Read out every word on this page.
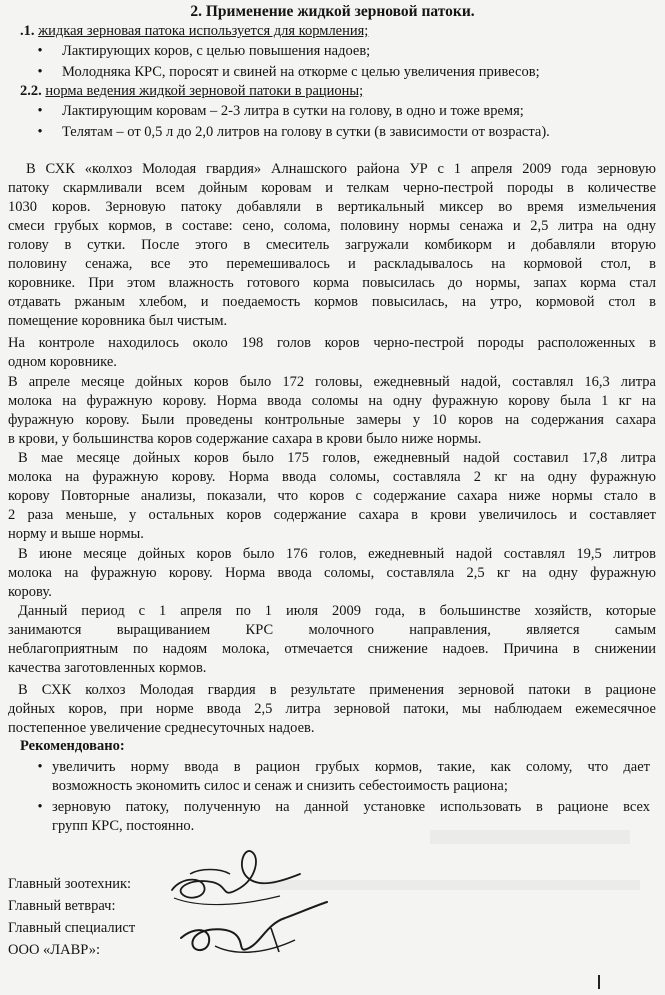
2. Применение жидкой зерновой патоки.
.1. жидкая зерновая патока используется для кормления;
•	Лактирующих коров, с целью повышения надоев;
•	Молодняка КРС, поросят и свиней на откорме с целью увеличения привесов;
2.2. норма ведения жидкой зерновой патоки в рационы;
•	Лактирующим коровам – 2-3 литра в сутки на голову, в одно и тоже время;
•	Телятам – от 0,5 л до 2,0 литров на голову в сутки (в зависимости от возраста).
В СХК «колхоз Молодая гвардия» Алнашского района УР с 1 апреля 2009 года зерновую
патоку скармливали всем дойным коровам и телкам черно-пестрой породы в количестве
1030 коров. Зерновую патоку добавляли в вертикальный миксер во время измельчения
смеси грубых кормов, в составе: сено, солома, половину нормы сенажа и 2,5 литра на одну
голову в сутки. После этого в смеситель загружали комбикорм и добавляли вторую
половину сенажа, все это перемешивалось и раскладывалось на кормовой стол, в
коровнике. При этом влажность готового корма повысилась до нормы, запах корма стал
отдавать ржаным хлебом, и поедаемость кормов повысилась, на утро, кормовой стол в
помещение коровника был чистым.
На контроле находилось около 198 голов коров черно-пестрой породы расположенных в
одном коровнике.
В апреле месяце дойных коров было 172 головы, ежедневный надой, составлял 16,3 литра
молока на фуражную корову. Норма ввода соломы на одну фуражную корову была 1 кг на
фуражную корову. Были проведены контрольные замеры у 10 коров на содержания сахара
в крови, у большинства коров содержание сахара в крови было ниже нормы.
В мае месяце дойных коров было 175 голов, ежедневный надой составил 17,8 литра
молока на фуражную корову. Норма ввода соломы, составляла 2 кг на одну фуражную
корову Повторные анализы, показали, что коров с содержание сахара ниже нормы стало в
2 раза меньше, у остальных коров содержание сахара в крови увеличилось и составляет
норму и выше нормы.
В июне месяце дойных коров было 176 голов, ежедневный надой составлял 19,5 литров
молока на фуражную корову. Норма ввода соломы, составляла 2,5 кг на одну фуражную
корову.
Данный период с 1 апреля по 1 июля 2009 года, в большинстве хозяйств, которые
занимаются выращиванием КРС молочного направления, является самым
неблагоприятным по надоям молока, отмечается снижение надоев. Причина в снижении
качества заготовленных кормов.
В СХК колхоз Молодая гвардия в результате применения зерновой патоки в рационе
дойных коров, при норме ввода 2,5 литра зерновой патоки, мы наблюдаем ежемесячное
постепенное увеличение среднесуточных надоев.
Рекомендовано:
• увеличить норму ввода в рацион грубых кормов, такие, как солому, что дает
возможность экономить силос и сенаж и снизить себестоимость рациона;
• зерновую патоку, полученную на данной установке использовать в рационе всех
групп КРС, постоянно.
Главный зоотехник:
Главный ветврач:
Главный специалист
ООО «ЛАВР»:
